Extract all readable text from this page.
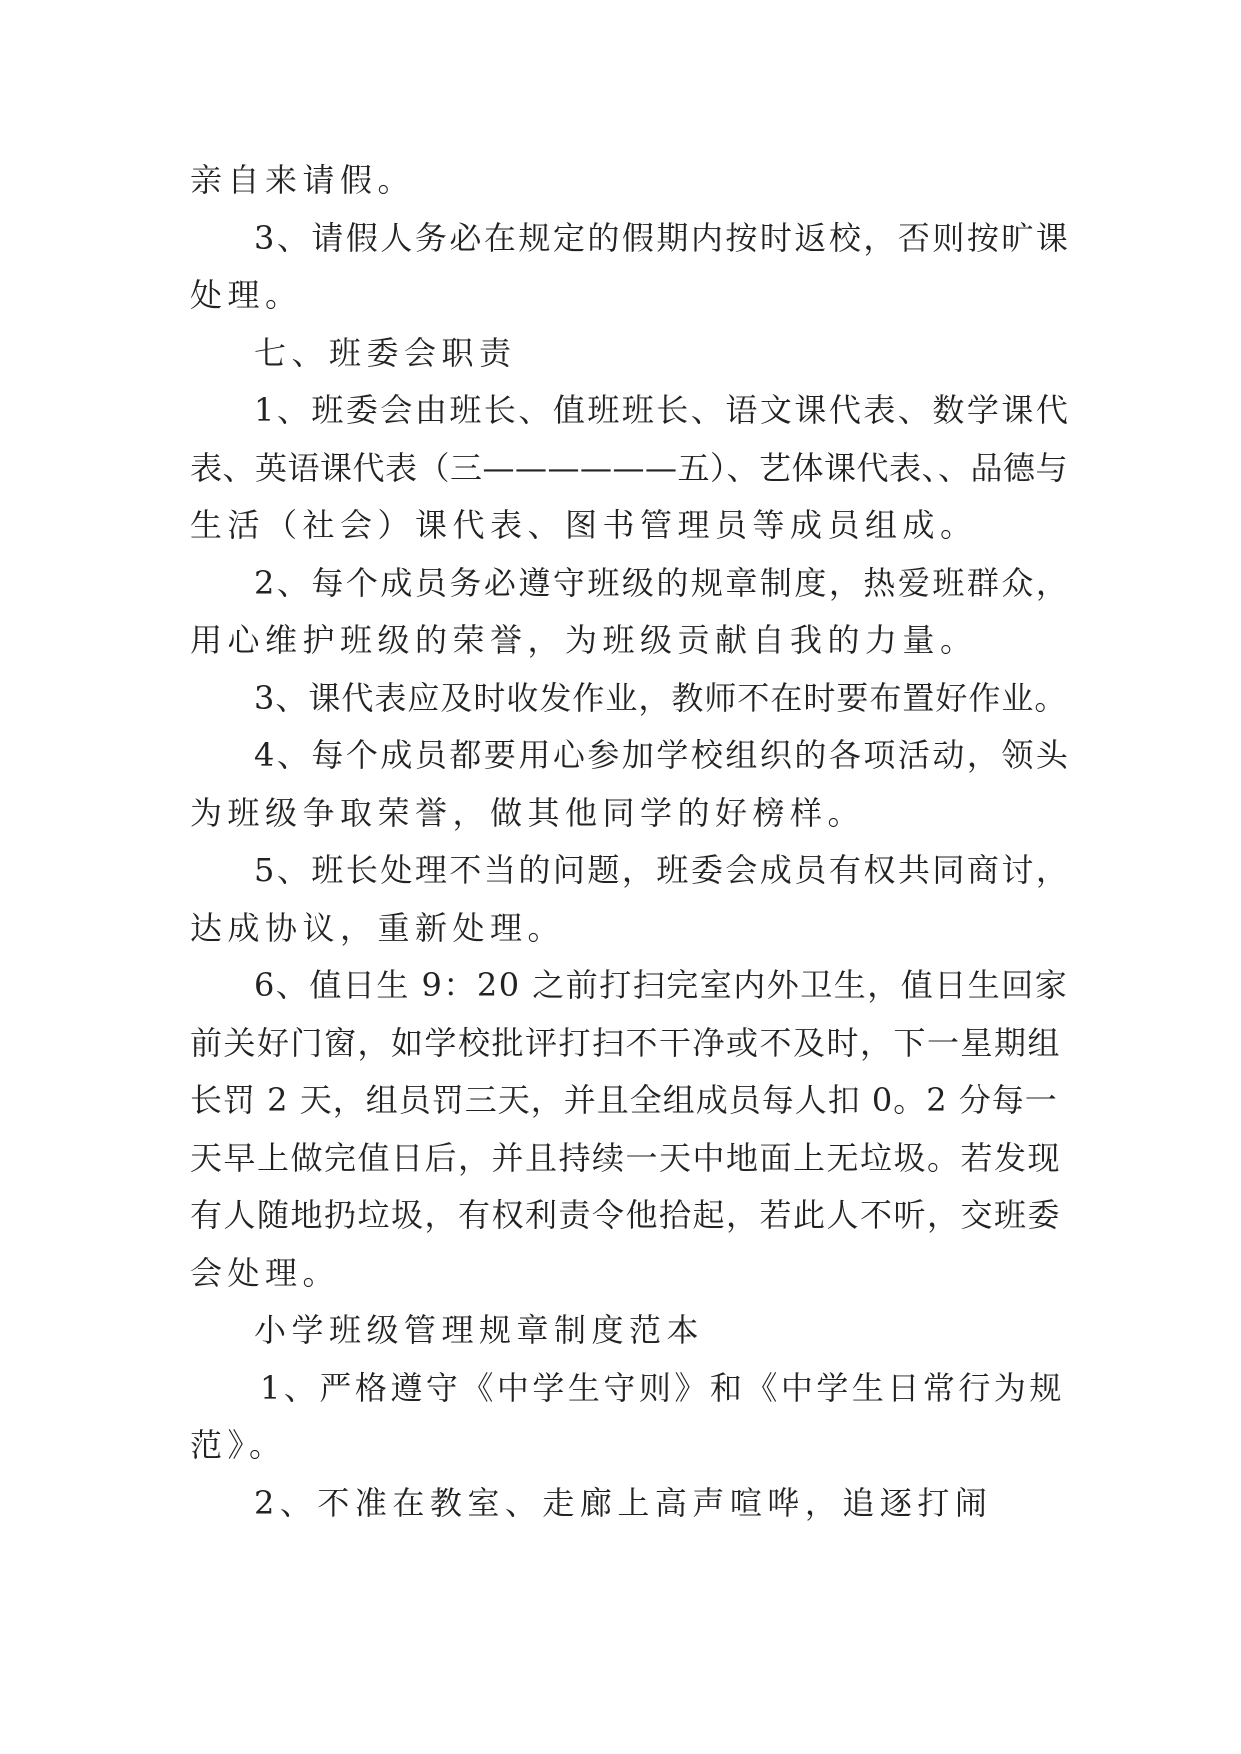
亲自来请假。

3、请假人务必在规定的假期内按时返校，否则按旷课

处理。

七、班委会职责

1、班委会由班长、值班班长、语文课代表、数学课代

表、英语课代表（三——————五）、艺体课代表、、品德与

生活（社会）课代表、图书管理员等成员组成。

2、每个成员务必遵守班级的规章制度，热爱班群众，

用心维护班级的荣誉，为班级贡献自我的力量。

3、课代表应及时收发作业，教师不在时要布置好作业。

4、每个成员都要用心参加学校组织的各项活动，领头

为班级争取荣誉，做其他同学的好榜样。

5、班长处理不当的问题，班委会成员有权共同商讨，

达成协议，重新处理。

6、值日生 9：20 之前打扫完室内外卫生，值日生回家

前关好门窗，如学校批评打扫不干净或不及时，下一星期组

长罚 2 天，组员罚三天，并且全组成员每人扣 0。2 分每一

天早上做完值日后，并且持续一天中地面上无垃圾。若发现

有人随地扔垃圾，有权利责令他拾起，若此人不听，交班委

会处理。

小学班级管理规章制度范本

1、严格遵守《中学生守则》和《中学生日常行为规

范》。

2、不准在教室、走廊上高声喧哗，追逐打闹
